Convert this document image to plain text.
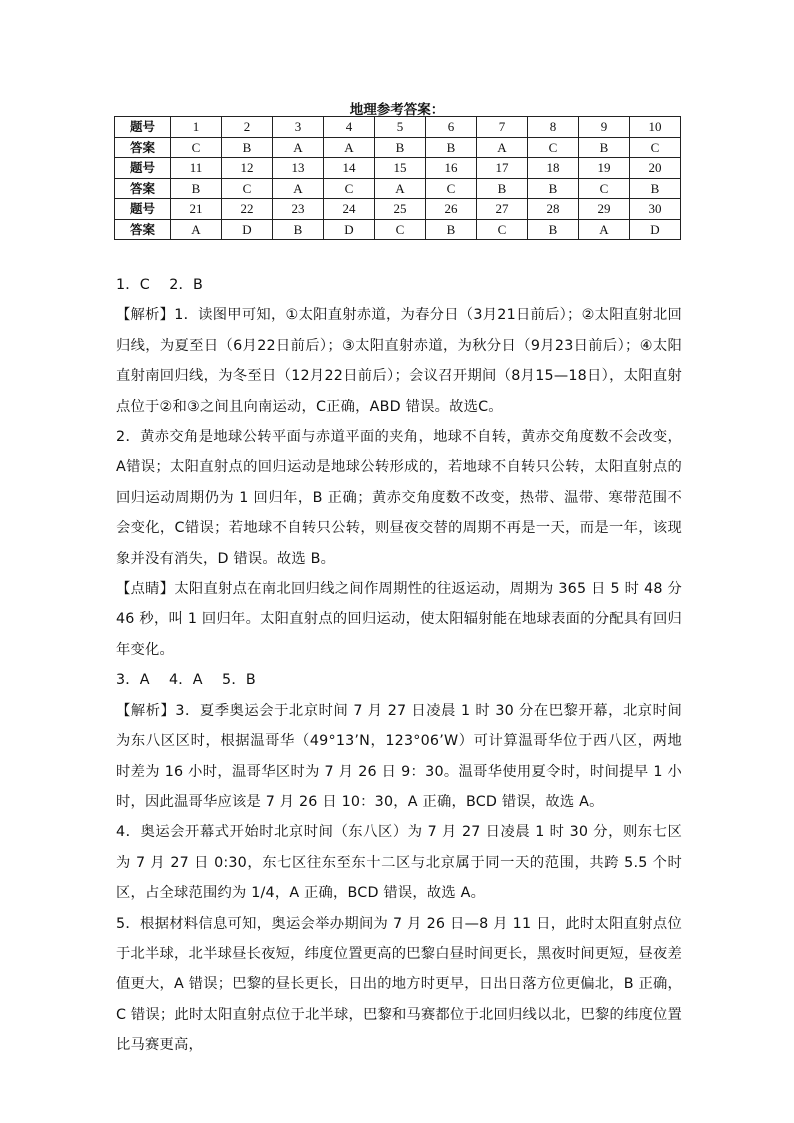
地理参考答案：
题号	1	2	3	4	5	6	7	8	9	10
答案	C	B	A	A	B	B	A	C	B	C
题号	11	12	13	14	15	16	17	18	19	20
答案	B	C	A	C	A	C	B	B	C	B
题号	21	22	23	24	25	26	27	28	29	30
答案	A	D	B	D	C	B	C	B	A	D

1．C　 2．B

【解析】1．读图甲可知，①太阳直射赤道，为春分日（3月21日前后）；②太阳直射北回归线，为夏至日（6月22日前后）；③太阳直射赤道，为秋分日（9月23日前后）；④太阳直射南回归线，为冬至日（12月22日前后）；会议召开期间（8月15—18日），太阳直射点位于②和③之间且向南运动，C正确，ABD 错误。故选C。

2．黄赤交角是地球公转平面与赤道平面的夹角，地球不自转，黄赤交角度数不会改变，A错误；太阳直射点的回归运动是地球公转形成的，若地球不自转只公转，太阳直射点的回归运动周期仍为 1 回归年，B 正确；黄赤交角度数不改变，热带、温带、寒带范围不会变化，C错误；若地球不自转只公转，则昼夜交替的周期不再是一天，而是一年，该现象并没有消失，D 错误。故选 B。

【点睛】太阳直射点在南北回归线之间作周期性的往返运动，周期为 365 日 5 时 48 分 46 秒，叫 1 回归年。太阳直射点的回归运动，使太阳辐射能在地球表面的分配具有回归年变化。

3．A　 4．A　 5．B

【解析】3．夏季奥运会于北京时间 7 月 27 日凌晨 1 时 30 分在巴黎开幕，北京时间为东八区区时，根据温哥华（49°13’N，123°06’W）可计算温哥华位于西八区，两地时差为 16 小时，温哥华区时为 7 月 26 日 9：30。温哥华使用夏令时，时间提早 1 小时，因此温哥华应该是 7 月 26 日 10：30，A 正确，BCD 错误，故选 A。

4．奥运会开幕式开始时北京时间（东八区）为 7 月 27 日凌晨 1 时 30 分，则东七区为 7 月 27 日 0:30，东七区往东至东十二区与北京属于同一天的范围，共跨 5.5 个时区，占全球范围约为 1/4，A 正确，BCD 错误，故选 A。

5．根据材料信息可知，奥运会举办期间为 7 月 26 日—8 月 11 日，此时太阳直射点位于北半球，北半球昼长夜短，纬度位置更高的巴黎白昼时间更长，黑夜时间更短，昼夜差值更大，A 错误；巴黎的昼长更长，日出的地方时更早，日出日落方位更偏北，B 正确，C 错误；此时太阳直射点位于北半球，巴黎和马赛都位于北回归线以北，巴黎的纬度位置比马赛更高，
